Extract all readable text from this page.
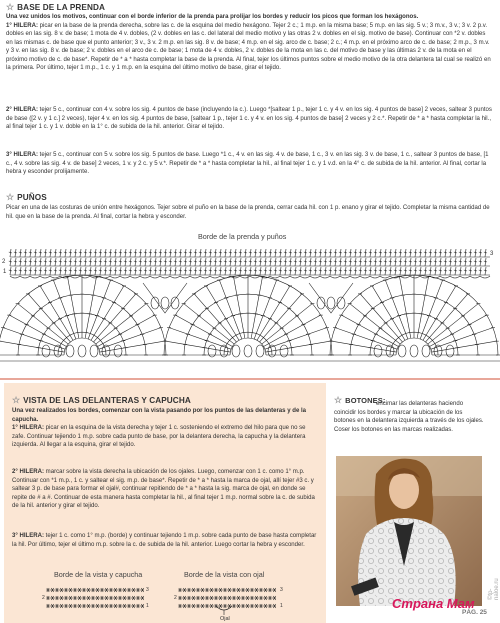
☆ BASE DE LA PRENDA
Una vez unidos los motivos, continuar con el borde inferior de la prenda para prolijar los bordes y reducir los picos que forman los hexágonos.
1° HILERA: picar en la base de la prenda derecha, sobre las c. de la esquina del medio hexágono. Tejer 2 c.; 1 m.p. en la misma base; 5 m.p. en las sig. 5 v.; 3 m.v., 3 v.; 3 v. 2 p.v. dobles en las sig. 8 v. de base; 1 mota de 4 v. dobles, (2 v. dobles en las c. del lateral del medio motivo y las otras 2 v. dobles en el sig. motivo de base). Continuar con *2 v. dobles en las mismas c. de base que el punto anterior; 3 v., 3 v. 2 m.p. en las sig. 8 v. de base; 4 m.p. en el sig. arco de c. base; 2 c.; 4 m.p. en el próximo arco de c. de base; 2 m.p., 3 m.v. y 3 v. en las sig. 8 v. de base; 2 v. dobles en el arco de c. de base; 1 mota de 4 v. dobles, 2 v. dobles de la mota en las c. del motivo de base y las últimas 2 v. de la mota en el próximo motivo de c. de base*. Repetir de * a * hasta completar la base de la prenda. Al final, tejer los últimos puntos sobre el medio motivo de la otra delantera tal cual se realizó en la primera. Por último, tejer 1 m.p., 1 c. y 1 m.p. en la esquina del último motivo de base, girar el tejido.
2° HILERA: tejer 5 c., continuar con 4 v. sobre los sig. 4 puntos de base (incluyendo la c.). Luego *[saltear 1 p., tejer 1 c. y 4 v. en los sig. 4 puntos de base] 2 veces, saltear 3 puntos de base ([2 v. y 1 c.] 2 veces), tejer 4 v. en los sig. 4 puntos de base, [saltear 1 p., tejer 1 c. y 4 v. en los sig. 4 puntos de base] 2 veces y 2 c.*. Repetir de * a * hasta completar la hil., al final tejer 1 c. y 1 v. doble en la 1° c. de subida de la hil. anterior. Girar el tejido.
3° HILERA: tejer 5 c., continuar con 5 v. sobre los sig. 5 puntos de base. Luego *1 c., 4 v. en las sig. 4 v. de base, 1 c., 3 v. en las sig. 3 v. de base, 1 c., saltear 3 puntos de base, [1 c., 4 v. sobre las sig. 4 v. de base] 2 veces, 1 v. y 2 c. y 5 v.*. Repetir de * a * hasta completar la hil., al final tejer 1 c. y 1 v.d. en la 4° c. de subida de la hil. anterior. Al final, cortar la hebra y esconder prolijamente.
☆ PUÑOS
Picar en una de las costuras de unión entre hexágonos. Tejer sobre el puño en la base de la prenda, cerrar cada hil. con 1 p. enano y girar el tejido. Completar la misma cantidad de hil. que en la base de la prenda. Al final, cortar la hebra y esconder.
Borde de la prenda y puños
1
2
3
☆ VISTA DE LAS DELANTERAS Y CAPUCHA
Una vez realizados los bordes, comenzar con la vista pasando por los puntos de las delanteras y de la capucha.
1° HILERA: picar en la esquina de la vista derecha y tejer 1 c. sosteniendo el extremo del hilo para que no se zafe. Continuar tejiendo 1 m.p. sobre cada punto de base, por la delantera derecha, la capucha y la delantera izquierda. Al llegar a la esquina, girar el tejido.
2° HILERA: marcar sobre la vista derecha la ubicación de los ojales. Luego, comenzar con 1 c. como 1° m.p. Continuar con *1 m.p., 1 c. y saltear el sig. m.p. de base*. Repetir de * a * hasta la marca de ojal, allí tejer #3 c. y saltear 3 p. de base para formar el ojal#, continuar repitiendo de * a * hasta la sig. marca de ojal, en donde se repite de # a #. Continuar de esta manera hasta completar la hil., al final tejer 1 m.p. normal sobre la c. de subida de la hil. anterior y girar el tejido.
3° HILERA: tejer 1 c. como 1° m.p. (borde) y continuar tejiendo 1 m.p. sobre cada punto de base hasta completar la hil. Por último, tejer el último m.p. sobre la c. de subida de la hil. anterior. Luego cortar la hebra y esconder.
Borde de la vista y capucha	Borde de la vista con ojal
3
2
1
3
2
1
Ojal
☆ BOTONES:
encimar las delanteras haciendo coincidir los bordes y marcar la ubicación de los botones en la delantera izquierda a través de los ojales. Coser los botones en las marcas realizadas.
PÁG. 25
Страна Мам
©tp-naloe.ru
